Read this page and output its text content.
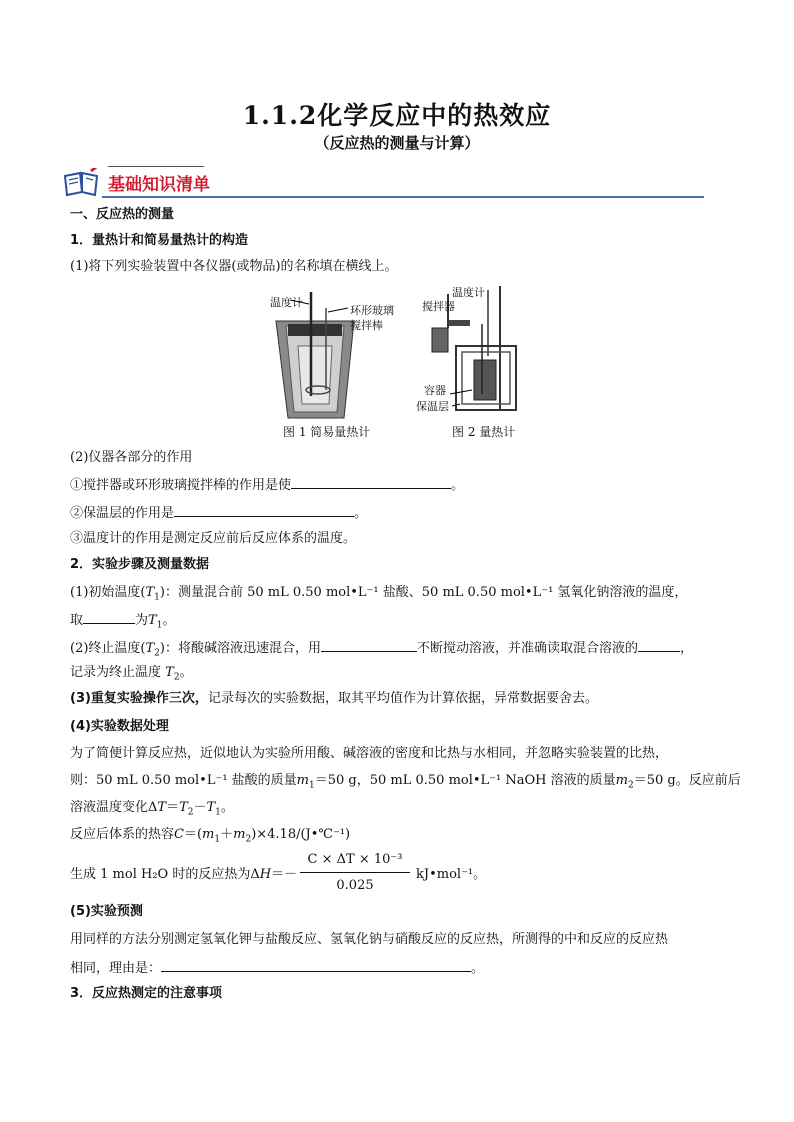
1.1.2化学反应中的热效应
（反应热的测量与计算）
基础知识清单
一、反应热的测量
1．量热计和简易量热计的构造
(1)将下列实验装置中各仪器(或物品)的名称填在横线上。
温度计
环形玻璃
搅拌棒
图 1 简易量热计
温度计
搅拌器
容器
保温层
图 2 量热计
(2)仪器各部分的作用
①搅拌器或环形玻璃搅拌棒的作用是使	。
②保温层的作用是	。
③温度计的作用是测定反应前后反应体系的温度。
2．实验步骤及测量数据
(1)初始温度$(T_1)$：测量混合前 50 mL 0.50 mol•L⁻¹ 盐酸、50 mL 0.50 mol•L⁻¹ 氢氧化钠溶液的温度，
取	为$T_1$。
(2)终止温度$(T_2)$：将酸碱溶液迅速混合，用	不断搅动溶液，并准确读取混合溶液的	，
记录为终止温度 $T_2$。
(3)重复实验操作三次，记录每次的实验数据，取其平均值作为计算依据，异常数据要舍去。
(4)实验数据处理
为了简便计算反应热，近似地认为实验所用酸、碱溶液的密度和比热与水相同，并忽略实验装置的比热，
则：50 mL 0.50 mol•L⁻¹ 盐酸的质量$m_1=50$ g，50 mL 0.50 mol•L⁻¹ NaOH 溶液的质量$m_2=50$ g。反应前后
溶液温度变化$\Delta T=T_2-T_1$。
反应后体系的热容$C=(m_1+m_2)\times 4.18/(J•℃^{-1})$
生成 1 mol H₂O 时的反应热为ΔH＝－
C × ΔT × 10⁻³
0.025
kJ•mol⁻¹。
(5)实验预测
用同样的方法分别测定氢氧化钾与盐酸反应、氢氧化钠与硝酸反应的反应热，所测得的中和反应的反应热
相同，理由是：	。
3．反应热测定的注意事项
